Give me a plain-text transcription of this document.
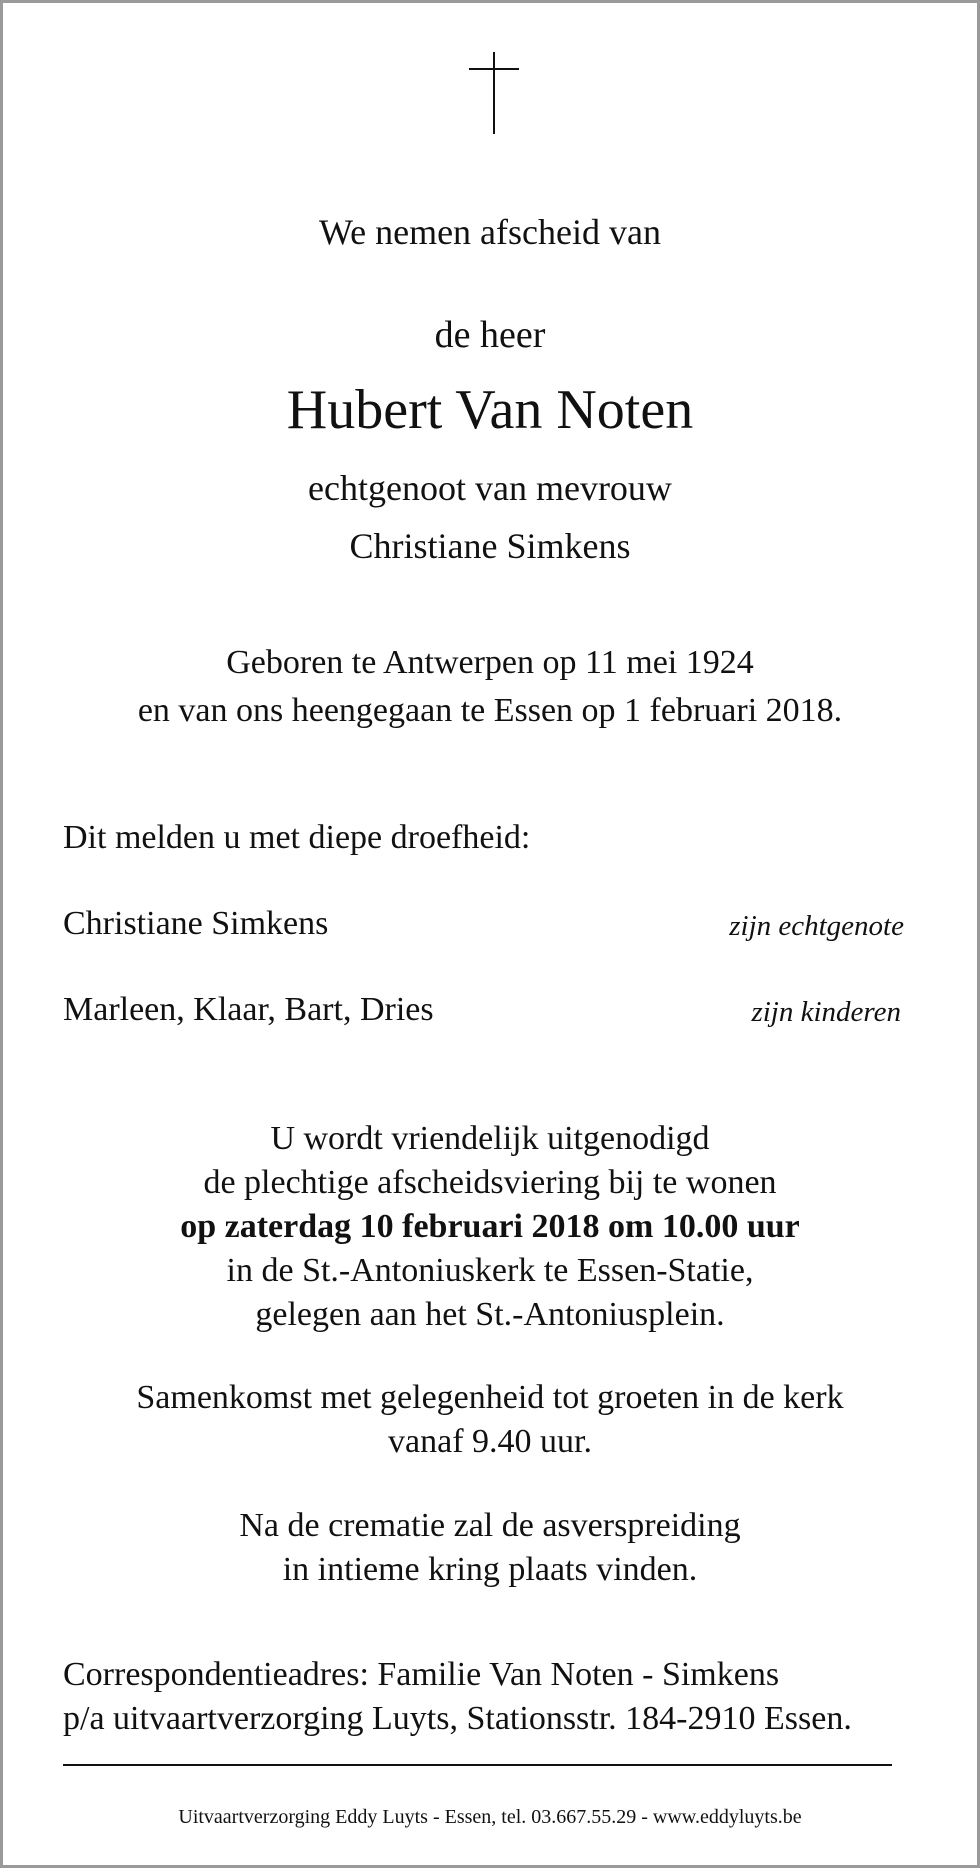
We nemen afscheid van
de heer
Hubert Van Noten
echtgenoot van mevrouw
Christiane Simkens
Geboren te Antwerpen op 11 mei 1924
en van ons heengegaan te Essen op 1 februari 2018.
Dit melden u met diepe droefheid:
Christiane Simkens	zijn echtgenote
Marleen, Klaar, Bart, Dries	zijn kinderen
U wordt vriendelijk uitgenodigd
de plechtige afscheidsviering bij te wonen
op zaterdag 10 februari 2018 om 10.00 uur
in de St.-Antoniuskerk te Essen-Statie,
gelegen aan het St.-Antoniusplein.
Samenkomst met gelegenheid tot groeten in de kerk
vanaf 9.40 uur.
Na de crematie zal de asverspreiding
in intieme kring plaats vinden.
Correspondentieadres: Familie Van Noten - Simkens
p/a uitvaartverzorging Luyts, Stationsstr. 184-2910 Essen.
Uitvaartverzorging Eddy Luyts - Essen, tel. 03.667.55.29 - www.eddyluyts.be
